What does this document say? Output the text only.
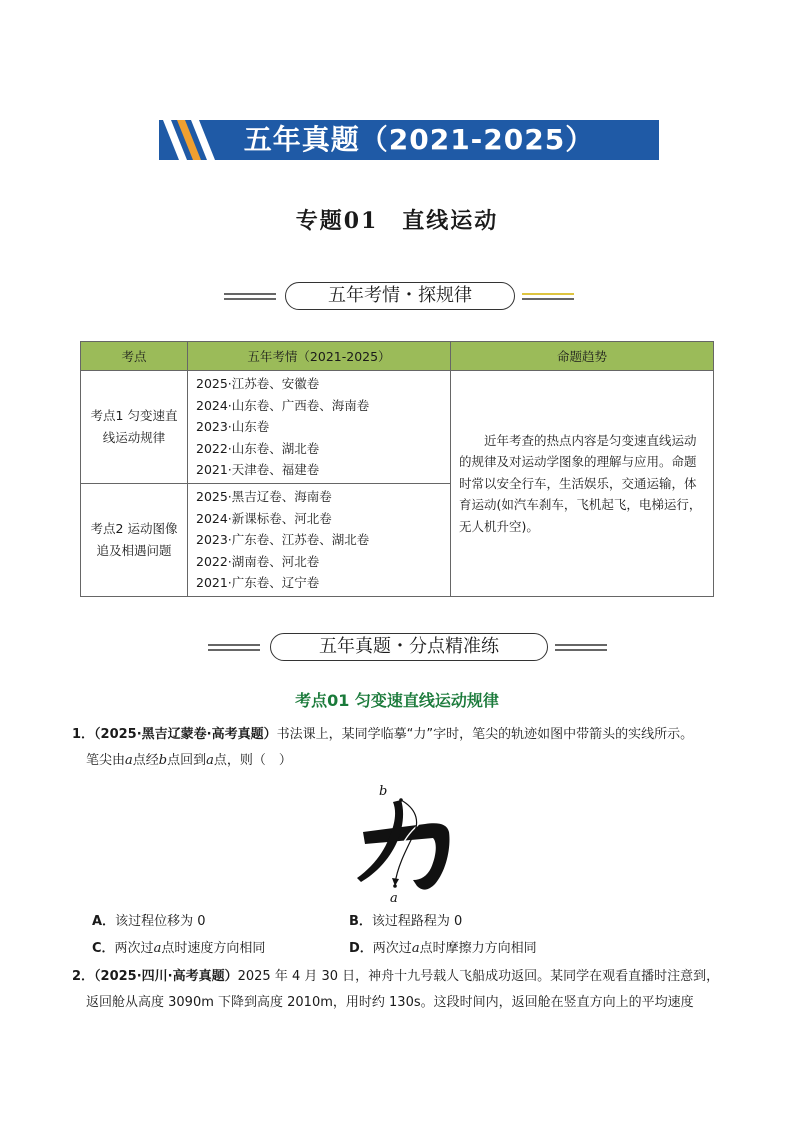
五年真题（2021-2025）
专题01　直线运动
五年考情・探规律
考点	五年考情（2021-2025）	命题趋势
考点1 匀变速直线运动规律	2025·江苏卷、安徽卷
2024·山东卷、广西卷、海南卷
2023·山东卷
2022·山东卷、湖北卷
2021·天津卷、福建卷	近年考查的热点内容是匀变速直线运动的规律及对运动学图象的理解与应用。命题时常以安全行车，生活娱乐，交通运输，体育运动(如汽车刹车，飞机起飞，电梯运行，无人机升空)。
考点2 运动图像 追及相遇问题	2025·黑吉辽卷、海南卷
2024·新课标卷、河北卷
2023·广东卷、江苏卷、湖北卷
2022·湖南卷、河北卷
2021·广东卷、辽宁卷	
五年真题・分点精准练
考点01 匀变速直线运动规律
1．（2025·黑吉辽蒙卷·高考真题）书法课上，某同学临摹“力”字时，笔尖的轨迹如图中带箭头的实线所示。
笔尖由a点经b点回到a点，则（　）
b
a
A．该过程位移为 0	B．该过程路程为 0
C．两次过a点时速度方向相同	D．两次过a点时摩擦力方向相同
2．（2025·四川·高考真题）2025 年 4 月 30 日，神舟十九号载人飞船成功返回。某同学在观看直播时注意到，
返回舱从高度 3090m 下降到高度 2010m，用时约 130s。这段时间内，返回舱在竖直方向上的平均速度
